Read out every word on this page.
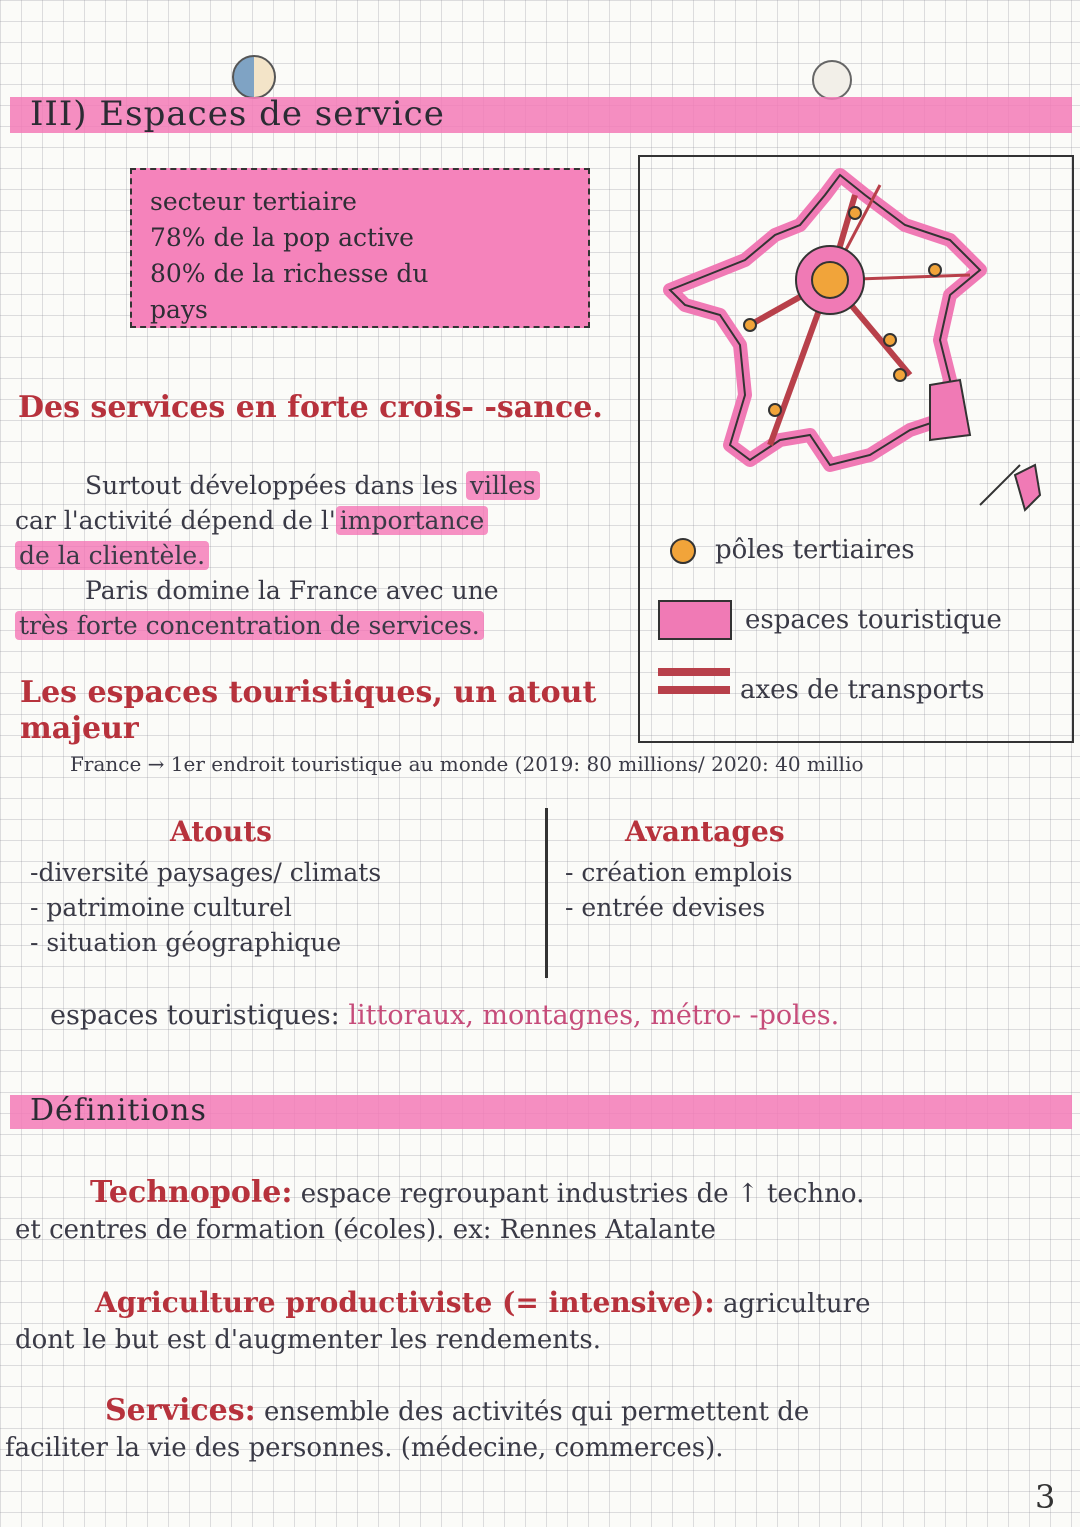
III) Espaces de service
secteur tertiaire
78% de la pop active
80% de la richesse du
pays
Des services en forte crois- -sance.
Surtout développées dans les villes
car l'activité dépend de l' importance
de la clientèle.
Paris domine la France avec une
très forte concentration de services.
pôles tertiaires
espaces touristique
axes de transports
Les espaces touristiques, un atout majeur
France → 1er endroit touristique au monde (2019: 80 millions/ 2020: 40 millio
Atouts
-diversité paysages/ climats
- patrimoine culturel
- situation géographique
Avantages
- création emplois
- entrée devises
espaces touristiques: littoraux, montagnes, métro- -poles.
Définitions
Technopole: espace regroupant industries de ↑ techno.
et centres de formation (écoles). ex: Rennes Atalante
Agriculture productiviste (= intensive): agriculture
dont le but est d'augmenter les rendements.
Services: ensemble des activités qui permettent de
faciliter la vie des personnes. (médecine, commerces).
3
